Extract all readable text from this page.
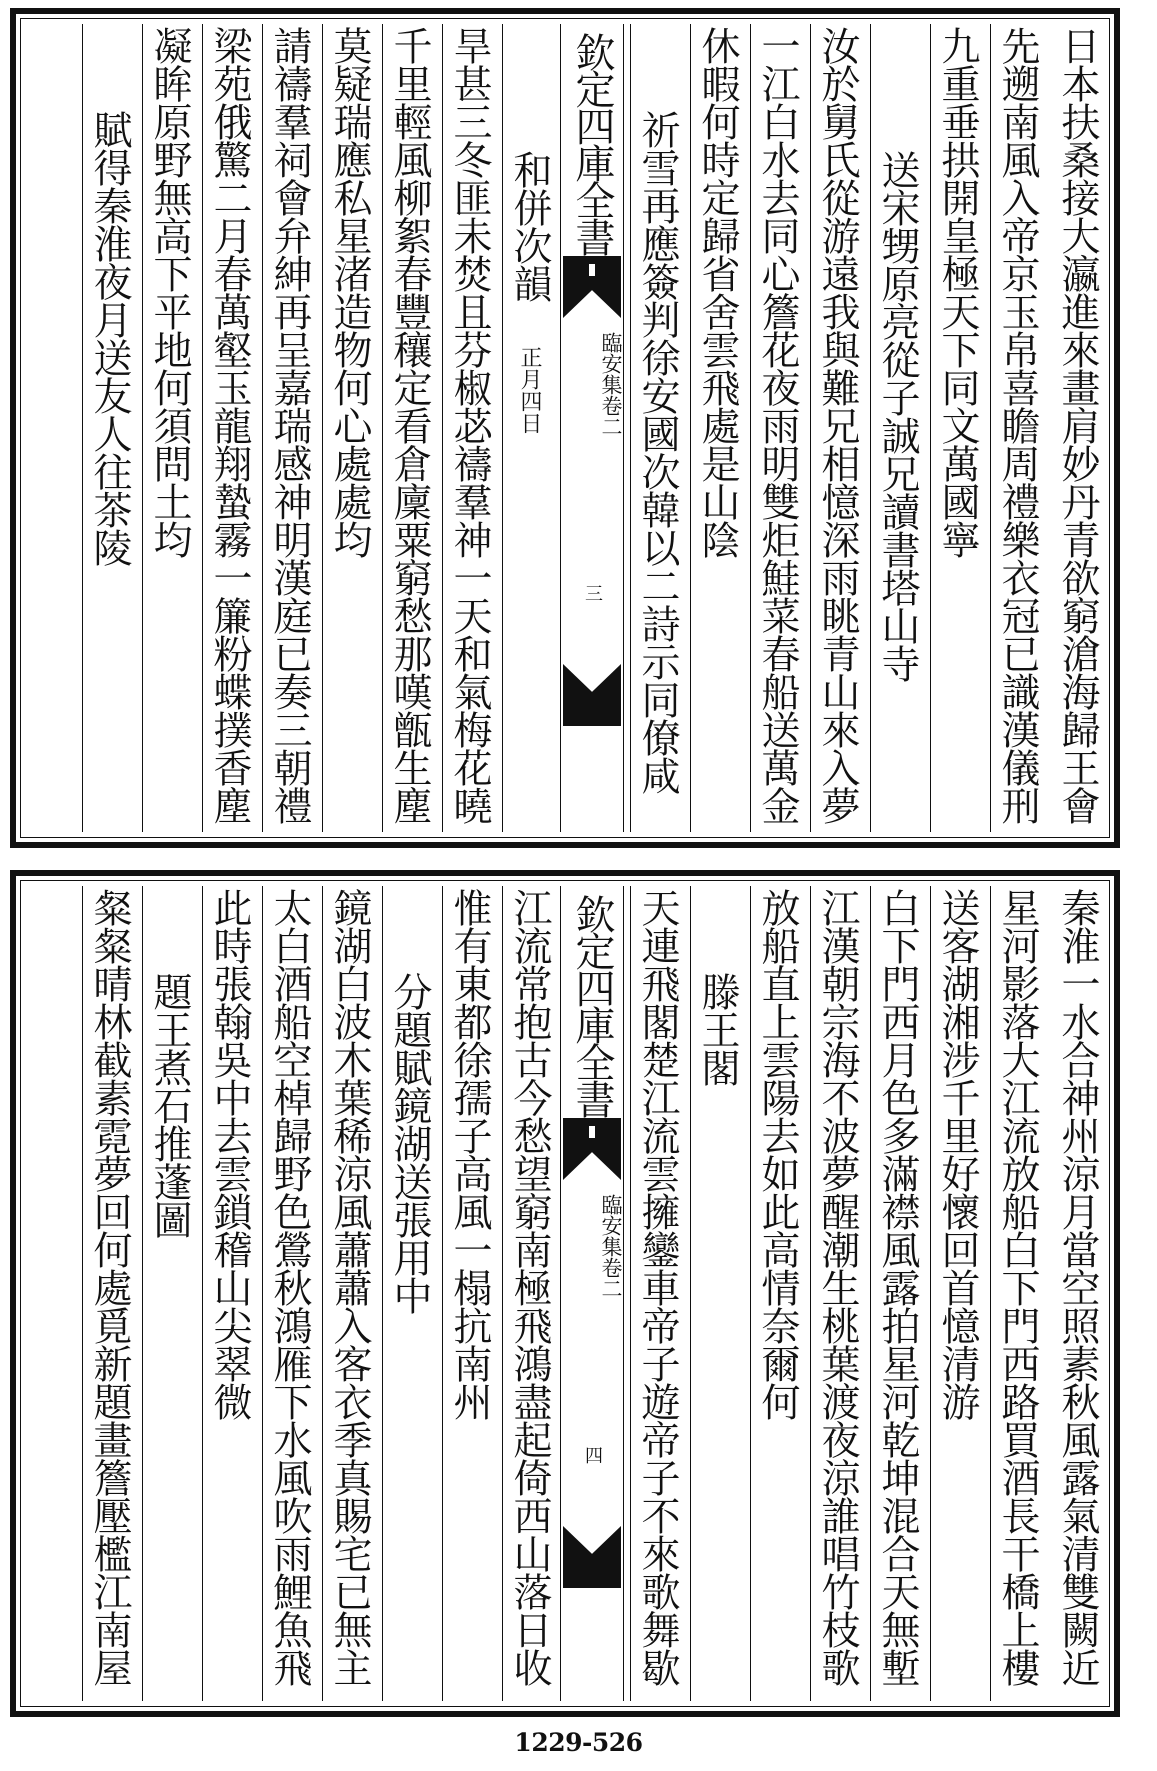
日本扶桑接大瀛進來畫肩妙丹青欲窮滄海歸王會
先遡南風入帝京玉帛喜瞻周禮樂衣冠已識漢儀刑
九重垂拱開皇極天下同文萬國寧
送宋甥原亮從子誠兄讀書塔山寺
汝於舅氏從游遠我與難兄相憶深雨眺青山來入夢
一江白水去同心簷花夜雨明雙炬鮭菜春船送萬金
休暇何時定歸省舍雲飛處是山陰
祈雪再應簽判徐安國次韓以二詩示同僚咸
欽定四庫全書
臨安集
卷二
三
和併次韻 正月四日
旱甚三冬匪未焚且芬椒苾禱羣神一天和氣梅花曉
千里輕風柳絮春豐穰定看倉廩粟窮愁那嘆甑生塵
莫疑瑞應私星渚造物何心處處均
請禱羣祠會弁紳再呈嘉瑞感神明漢庭已奏三朝禮
梁苑俄驚二月春萬壑玉龍翔蟄霧一簾粉蝶撲香塵
凝眸原野無高下平地何須問土均
賦得秦淮夜月送友人往茶陵
秦淮一水合神州涼月當空照素秋風露氣清雙闕近
星河影落大江流放船白下門西路買酒長干橋上樓
送客湖湘涉千里好懷回首憶清游
白下門西月色多滿襟風露拍星河乾坤混合天無塹
江漢朝宗海不波夢醒潮生桃葉渡夜涼誰唱竹枝歌
放船直上雲陽去如此高情奈爾何
滕王閣
天連飛閣楚江流雲擁鑾車帝子遊帝子不來歌舞歇
欽定四庫全書
臨安集
卷二
四
江流常抱古今愁望窮南極飛鴻盡起倚西山落日收
惟有東都徐孺子高風一榻抗南州
分題賦鏡湖送張用中
鏡湖白波木葉稀涼風蕭蕭入客衣季真賜宅已無主
太白酒船空棹歸野色鶯秋鴻雁下水風吹雨鯉魚飛
此時張翰吳中去雲鎖稽山尖翠微
題王煮石推蓬圖
粲粲晴林截素霓夢回何處覓新題畫簷壓檻江南屋
1229-526
